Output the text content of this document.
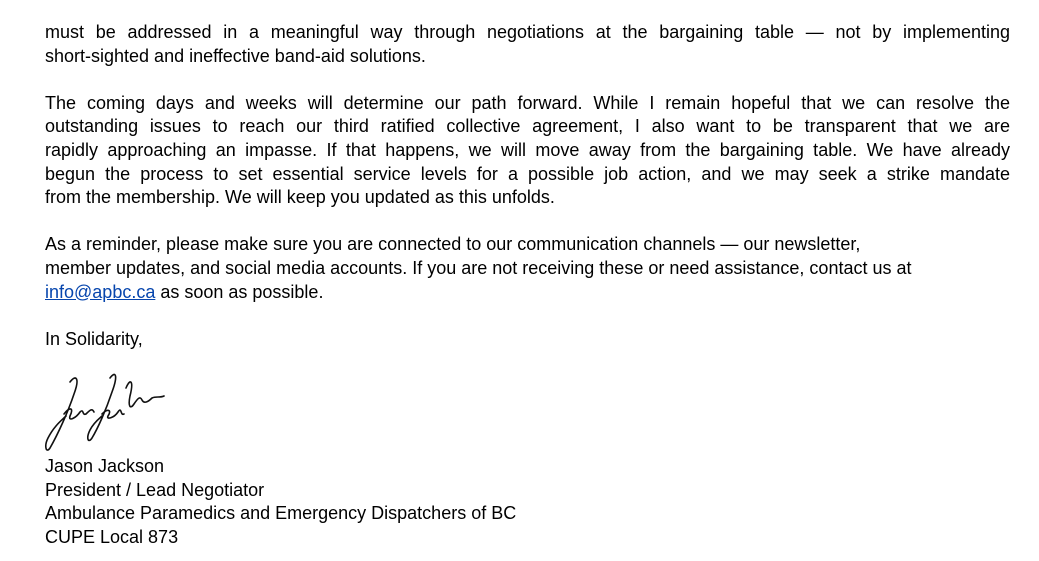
must be addressed in a meaningful way through negotiations at the bargaining table — not by implementing
short-sighted and ineffective band-aid solutions.

The coming days and weeks will determine our path forward. While I remain hopeful that we can resolve the
outstanding issues to reach our third ratified collective agreement, I also want to be transparent that we are
rapidly approaching an impasse. If that happens, we will move away from the bargaining table. We have already
begun the process to set essential service levels for a possible job action, and we may seek a strike mandate
from the membership. We will keep you updated as this unfolds.

As a reminder, please make sure you are connected to our communication channels — our newsletter,
member updates, and social media accounts. If you are not receiving these or need assistance, contact us at
info@apbc.ca as soon as possible.

In Solidarity,
Jason Jackson
President / Lead Negotiator
Ambulance Paramedics and Emergency Dispatchers of BC
CUPE Local 873
